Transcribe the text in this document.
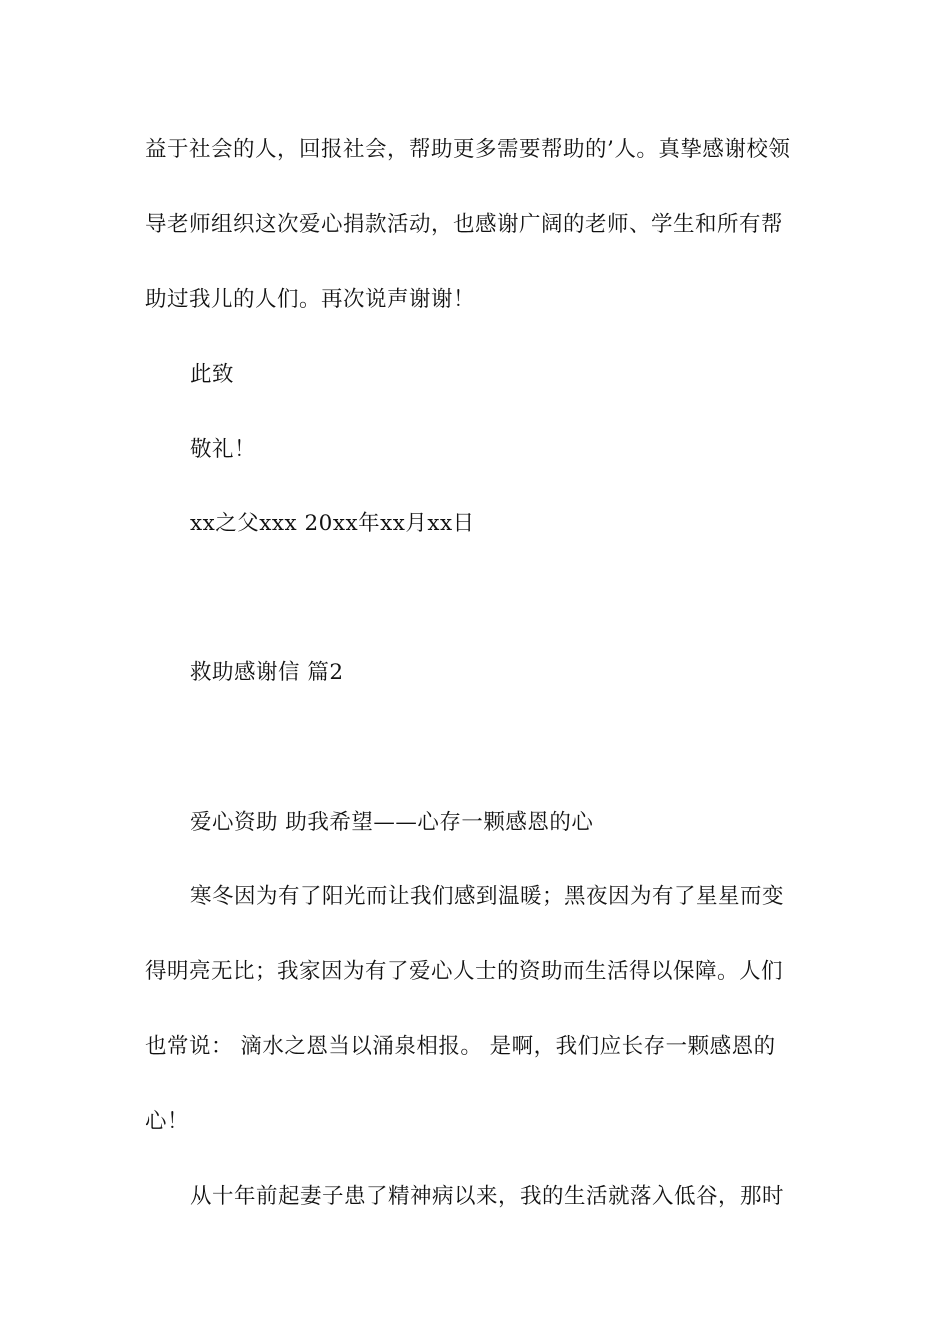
益于社会的人，回报社会，帮助更多需要帮助的’人。真挚感谢校领
导老师组织这次爱心捐款活动，也感谢广阔的老师、学生和所有帮
助过我儿的人们。再次说声谢谢！
此致
敬礼！
xx之父xxx 20xx年xx月xx日
救助感谢信 篇2
爱心资助 助我希望——心存一颗感恩的心
寒冬因为有了阳光而让我们感到温暖；黑夜因为有了星星而变
得明亮无比；我家因为有了爱心人士的资助而生活得以保障。人们
也常说： 滴水之恩当以涌泉相报。 是啊，我们应长存一颗感恩的
心！
从十年前起妻子患了精神病以来，我的生活就落入低谷，那时
